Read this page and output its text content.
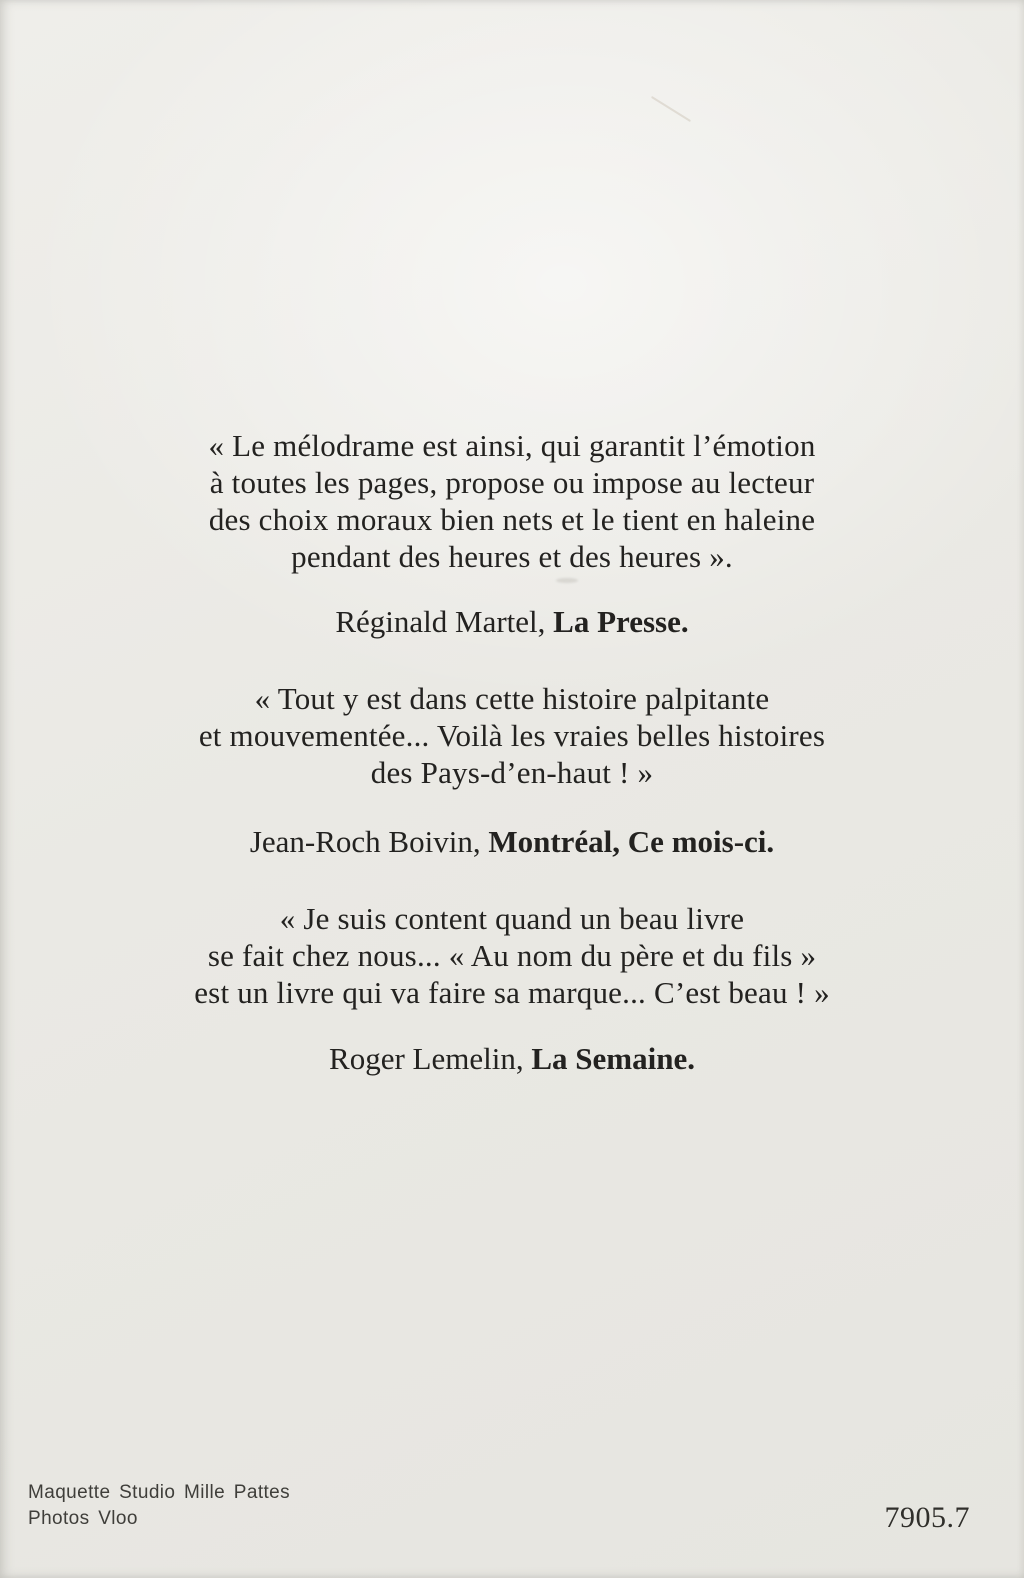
« Le mélodrame est ainsi, qui garantit l’émotion
à toutes les pages, propose ou impose au lecteur
des choix moraux bien nets et le tient en haleine
pendant des heures et des heures ».
Réginald Martel, La Presse.
« Tout y est dans cette histoire palpitante
et mouvementée... Voilà les vraies belles histoires
des Pays-d’en-haut ! »
Jean-Roch Boivin, Montréal, Ce mois-ci.
« Je suis content quand un beau livre
se fait chez nous... « Au nom du père et du fils »
est un livre qui va faire sa marque... C’est beau ! »
Roger Lemelin, La Semaine.
Maquette Studio Mille Pattes
Photos Vloo	7905.7
